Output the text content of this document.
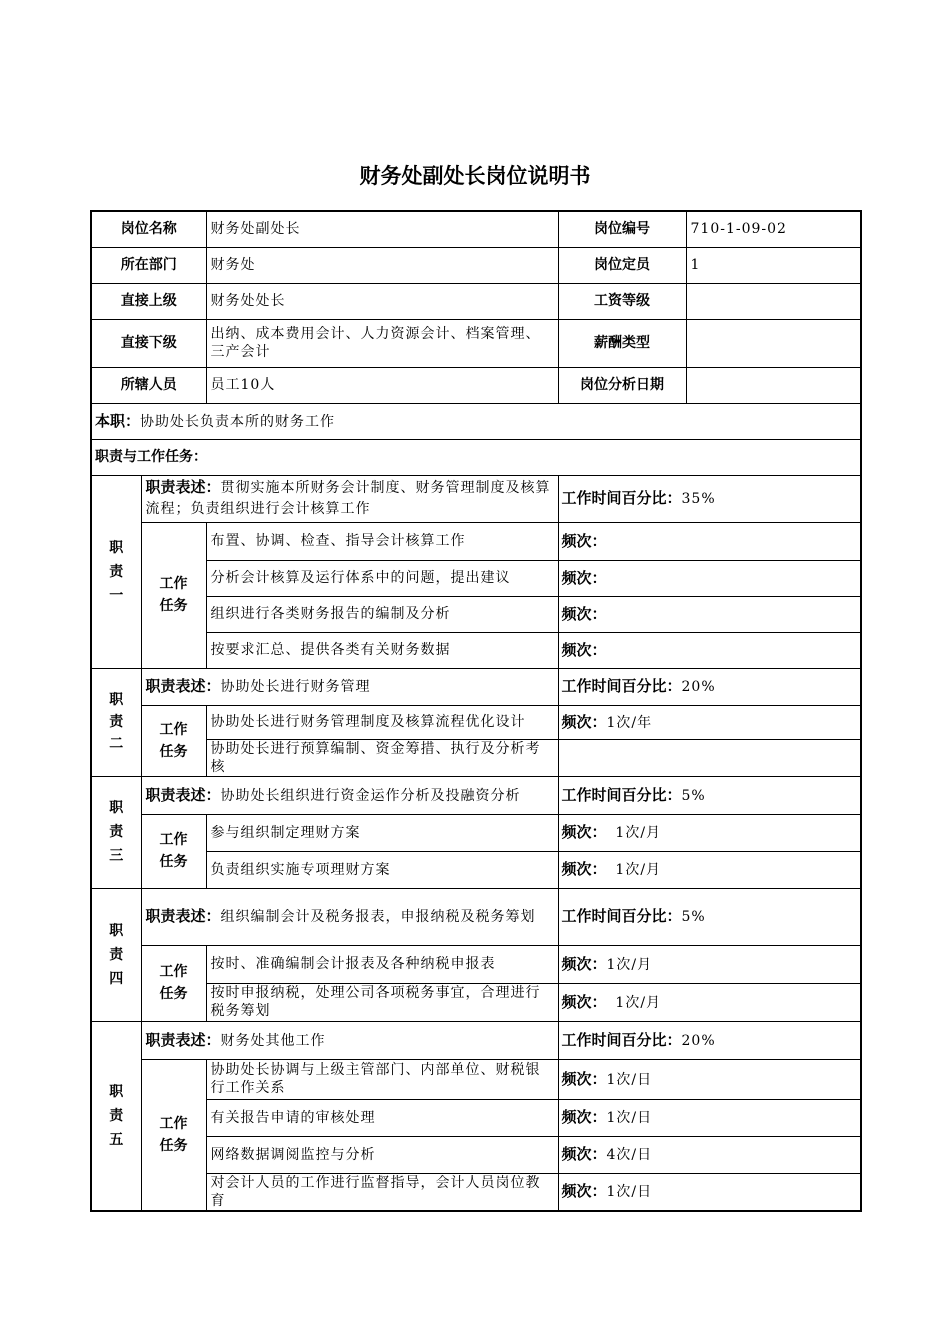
财务处副处长岗位说明书
岗位名称		财务处副处长	岗位编号	710-1-09-02
所在部门		财务处	岗位定员	1
直接上级		财务处处长	工资等级	
直接下级		出纳、成本费用会计、人力资源会计、档案管理、三产会计	薪酬类型	
所辖人员		员工10人	岗位分析日期	
本职：协助处长负责本所的财务工作				
职责与工作任务：				
职责一	职责表述：贯彻实施本所财务会计制度、财务管理制度及核算流程；负责组织进行会计核算工作		工作时间百分比：35%	
	工作任务	布置、协调、检查、指导会计核算工作	频次：	
		分析会计核算及运行体系中的问题，提出建议	频次：	
		组织进行各类财务报告的编制及分析	频次：	
		按要求汇总、提供各类有关财务数据	频次：	
职责二	职责表述：协助处长进行财务管理		工作时间百分比：20%	
	工作任务	协助处长进行财务管理制度及核算流程优化设计	频次：1次/年	
		协助处长进行预算编制、资金筹措、执行及分析考核		
职责三	职责表述：协助处长组织进行资金运作分析及投融资分析		工作时间百分比：5%	
	工作任务	参与组织制定理财方案	频次： 1次/月	
		负责组织实施专项理财方案	频次： 1次/月	
职责四	职责表述：组织编制会计及税务报表，申报纳税及税务筹划		工作时间百分比：5%	
	工作任务	按时、准确编制会计报表及各种纳税申报表	频次：1次/月	
		按时申报纳税，处理公司各项税务事宜，合理进行税务筹划	频次： 1次/月	
职责五	职责表述：财务处其他工作		工作时间百分比：20%	
	工作任务	协助处长协调与上级主管部门、内部单位、财税银行工作关系	频次：1次/日	
		有关报告申请的审核处理	频次：1次/日	
		网络数据调阅监控与分析	频次：4次/日	
		对会计人员的工作进行监督指导，会计人员岗位教育	频次：1次/日	
